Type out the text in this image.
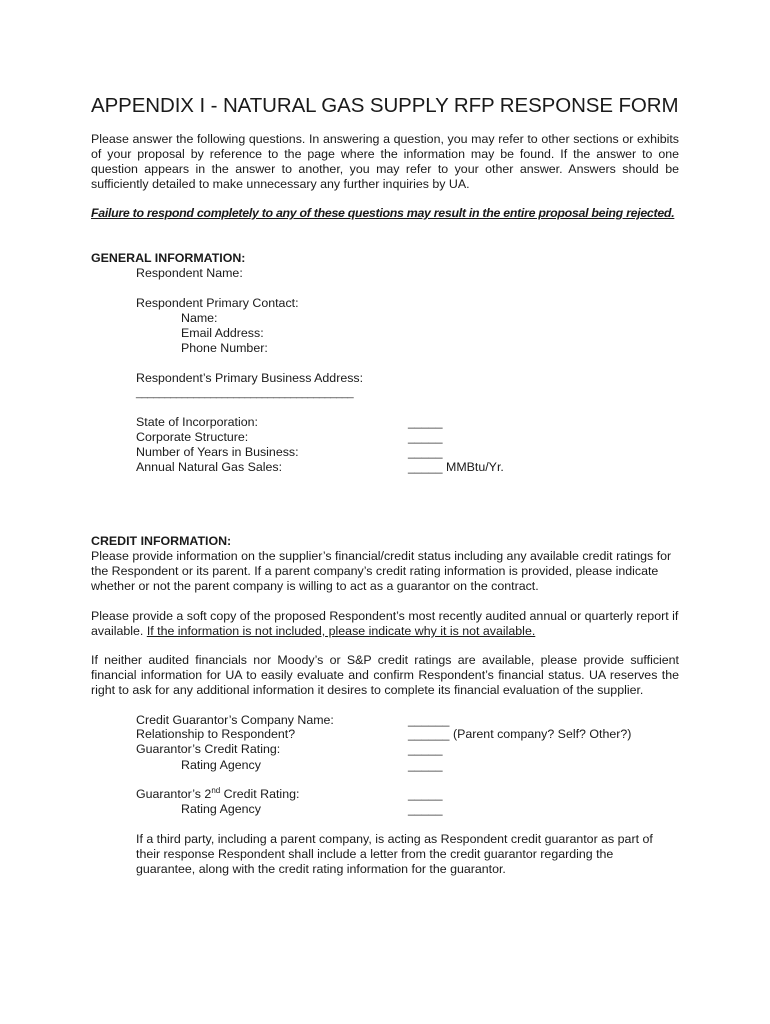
APPENDIX I - NATURAL GAS SUPPLY RFP RESPONSE FORM
Please answer the following questions. In answering a question, you may refer to other sections or exhibits of your proposal by reference to the page where the information may be found. If the answer to one question appears in the answer to another, you may refer to your other answer. Answers should be sufficiently detailed to make unnecessary any further inquiries by UA.
Failure to respond completely to any of these questions may result in the entire proposal being rejected.
GENERAL INFORMATION:
Respondent Name:
Respondent Primary Contact:
Name:
Email Address:
Phone Number:
Respondent’s Primary Business Address:
______________________________________
State of Incorporation:	_____
Corporate Structure:	_____
Number of Years in Business:	_____
Annual Natural Gas Sales:	_____ MMBtu/Yr.
CREDIT INFORMATION:
Please provide information on the supplier’s financial/credit status including any available credit ratings for the Respondent or its parent. If a parent company’s credit rating information is provided, please indicate whether or not the parent company is willing to act as a guarantor on the contract.
Please provide a soft copy of the proposed Respondent’s most recently audited annual or quarterly report if available. If the information is not included, please indicate why it is not available.
If neither audited financials nor Moody’s or S&P credit ratings are available, please provide sufficient financial information for UA to easily evaluate and confirm Respondent’s financial status. UA reserves the right to ask for any additional information it desires to complete its financial evaluation of the supplier.
Credit Guarantor’s Company Name:	______
Relationship to Respondent?	______ (Parent company? Self? Other?)
Guarantor’s Credit Rating:	_____
Rating Agency	_____
Guarantor’s 2nd Credit Rating:	_____
Rating Agency	_____
If a third party, including a parent company, is acting as Respondent credit guarantor as part of their response Respondent shall include a letter from the credit guarantor regarding the guarantee, along with the credit rating information for the guarantor.
